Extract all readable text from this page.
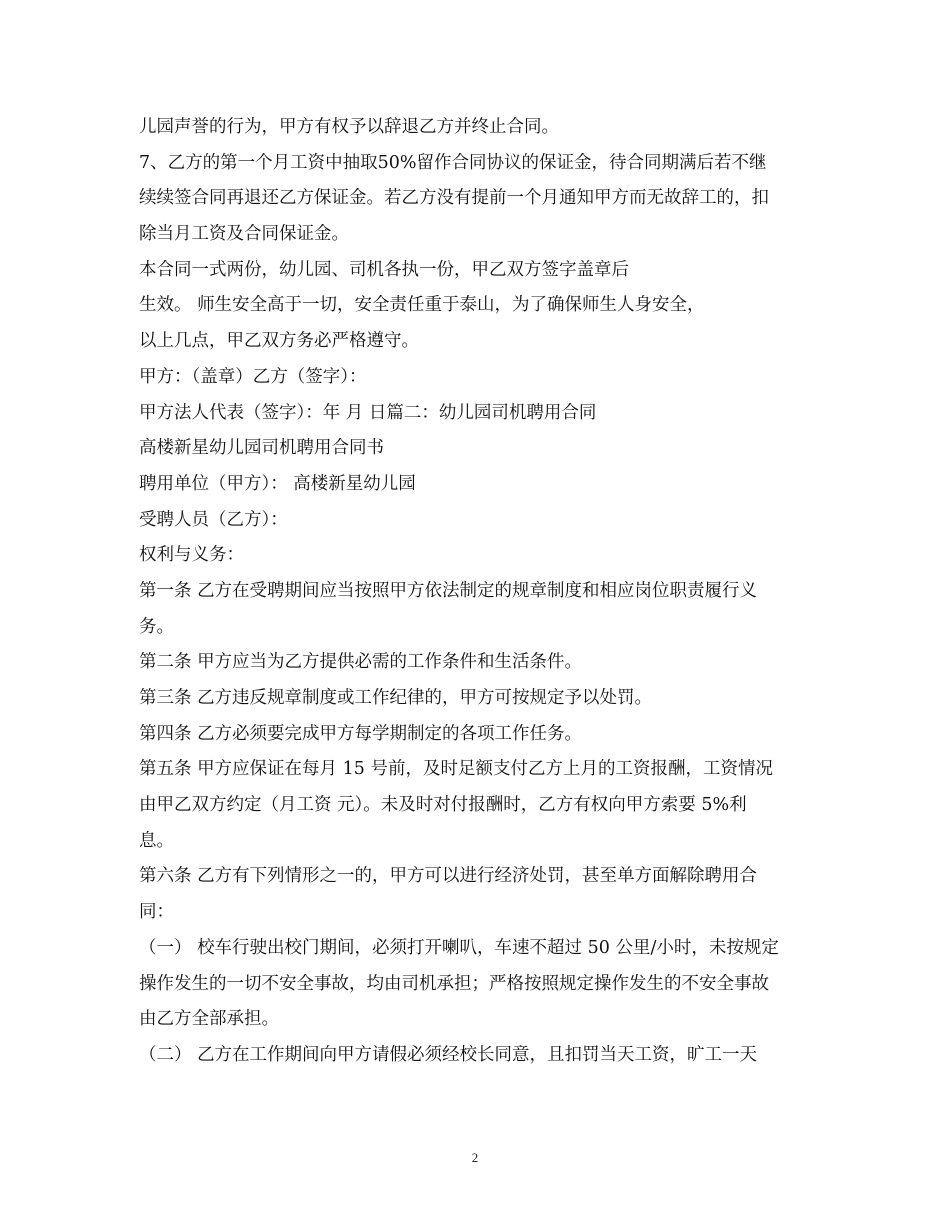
儿园声誉的行为，甲方有权予以辞退乙方并终止合同。
7、乙方的第一个月工资中抽取50%留作合同协议的保证金，待合同期满后若不继
续续签合同再退还乙方保证金。若乙方没有提前一个月通知甲方而无故辞工的，扣
除当月工资及合同保证金。
本合同一式两份，幼儿园、司机各执一份，甲乙双方签字盖章后
生效。 师生安全高于一切，安全责任重于泰山，为了确保师生人身安全，
以上几点，甲乙双方务必严格遵守。
甲方：（盖章）乙方（签字）：
甲方法人代表（签字）：年 月 日篇二：幼儿园司机聘用合同
高楼新星幼儿园司机聘用合同书
聘用单位（甲方）： 高楼新星幼儿园
受聘人员（乙方）：
权利与义务：
第一条 乙方在受聘期间应当按照甲方依法制定的规章制度和相应岗位职责履行义
务。
第二条 甲方应当为乙方提供必需的工作条件和生活条件。
第三条 乙方违反规章制度或工作纪律的，甲方可按规定予以处罚。
第四条 乙方必须要完成甲方每学期制定的各项工作任务。
第五条 甲方应保证在每月 15 号前，及时足额支付乙方上月的工资报酬，工资情况
由甲乙双方约定（月工资 元）。未及时对付报酬时，乙方有权向甲方索要 5%利
息。
第六条 乙方有下列情形之一的，甲方可以进行经济处罚，甚至单方面解除聘用合
同：
（一） 校车行驶出校门期间，必须打开喇叭，车速不超过 50 公里/小时，未按规定
操作发生的一切不安全事故，均由司机承担；严格按照规定操作发生的不安全事故
由乙方全部承担。
（二） 乙方在工作期间向甲方请假必须经校长同意，且扣罚当天工资，旷工一天
2
